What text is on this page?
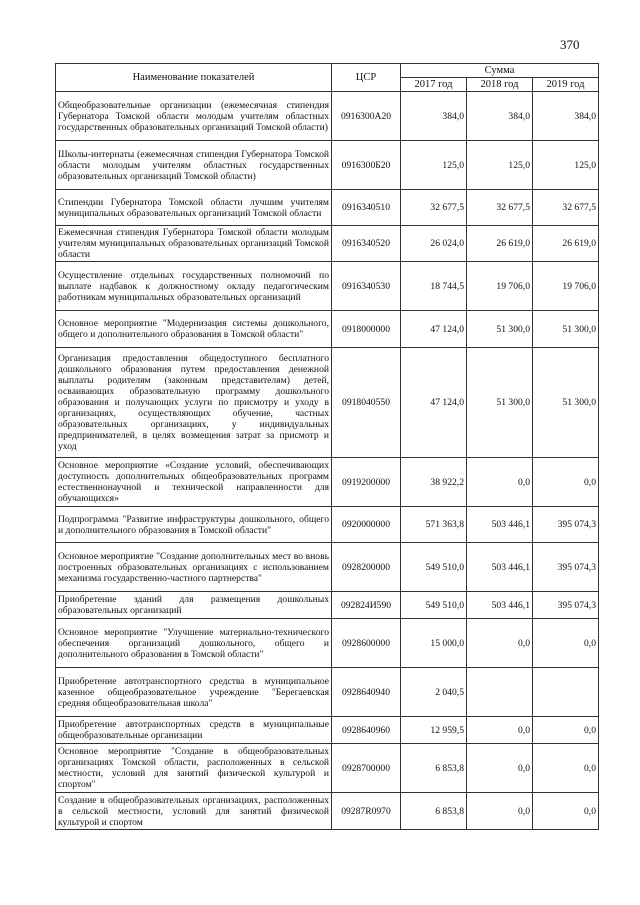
370
Наименование показателей	ЦСР	Сумма		
		2017 год	2018 год	2019 год
Общеобразовательные организации (ежемесячная стипендия Губернатора Томской области молодым учителям областных государственных образовательных организаций Томской области)	0916300А20	384,0	384,0	384,0
Школы-интернаты (ежемесячная стипендия Губернатора Томской области молодым учителям областных государственных образовательных организаций Томской области)	0916300Б20	125,0	125,0	125,0
Стипендии Губернатора Томской области лучшим учителям муниципальных образовательных организаций Томской области	0916340510	32 677,5	32 677,5	32 677,5
Ежемесячная стипендия Губернатора Томской области молодым учителям муниципальных образовательных организаций Томской области	0916340520	26 024,0	26 619,0	26 619,0
Осуществление отдельных государственных полномочий по выплате надбавок к должностному окладу педагогическим работникам муниципальных образовательных организаций	0916340530	18 744,5	19 706,0	19 706,0
Основное мероприятие "Модернизация системы дошкольного, общего и дополнительного образования в Томской области"	0918000000	47 124,0	51 300,0	51 300,0
Организация предоставления общедоступного бесплатного дошкольного образования путем предоставления денежной выплаты родителям (законным представителям) детей, осваивающих образовательную программу дошкольного образования и получающих услуги по присмотру и уходу в организациях, осуществляющих обучение, частных образовательных организациях, у индивидуальных предпринимателей, в целях возмещения затрат за присмотр и уход	0918040550	47 124,0	51 300,0	51 300,0
Основное мероприятие «Создание условий, обеспечивающих доступность дополнительных общеобразовательных программ естественнонаучной и технической направленности для обучающихся»	0919200000	38 922,2	0,0	0,0
Подпрограмма "Развитие инфраструктуры дошкольного, общего и дополнительного образования в Томской области"	0920000000	571 363,8	503 446,1	395 074,3
Основное мероприятие "Создание дополнительных мест во вновь построенных образовательных организациях с использованием механизма государственно-частного партнерства"	0928200000	549 510,0	503 446,1	395 074,3
Приобретение зданий для размещения дошкольных образовательных организаций	092824И590	549 510,0	503 446,1	395 074,3
Основное мероприятие "Улучшение материально-технического обеспечения организаций дошкольного, общего и дополнительного образования в Томской области"	0928600000	15 000,0	0,0	0,0
Приобретение автотранспортного средства в муниципальное казенное общеобразовательное учреждение "Берегаевская средняя общеобразовательная школа"	0928640940	2 040,5		
Приобретение автотранспортных средств в муниципальные общеобразовательные организации	0928640960	12 959,5	0,0	0,0
Основное мероприятие "Создание в общеобразовательных организациях Томской области, расположенных в сельской местности, условий для занятий физической культурой и спортом"	0928700000	6 853,8	0,0	0,0
Создание в общеобразовательных организациях, расположенных в сельской местности, условий для занятий физической культурой и спортом	09287R0970	6 853,8	0,0	0,0
